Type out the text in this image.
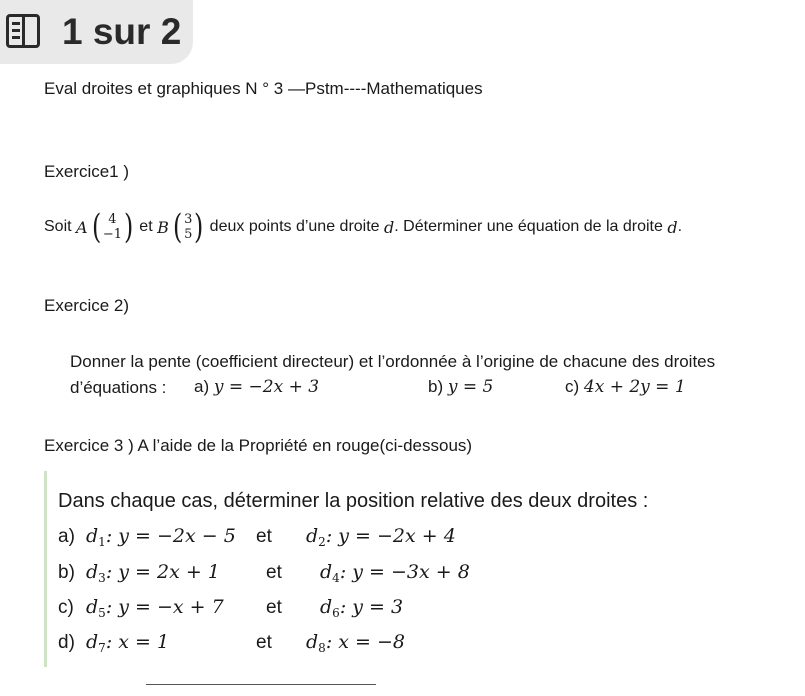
1 sur 2
Eval droites et graphiques N ° 3 —Pstm----Mathematiques
Exercice1 )
Soit
A ( 4
−1 ) et
B ( 3
5 ) deux points d’une droite
d . Déterminer une équation de la droite
d .
Exercice 2)
Donner la pente (coefficient directeur) et l’ordonnée à l’origine de chacune des droites
d’équations : a)
y = −2x + 3	b)
y = 5	c)
4x + 2y = 1
Exercice 3 ) A l’aide de la Propriété en rouge(ci-dessous)
Dans chaque cas, déterminer la position relative des deux droites :
a) $d_1$: y = −2x − 5	et	$d_2$: y = −2x + 4
b) $d_3$: y = 2x + 1	et	$d_4$: y = −3x + 8
c) $d_5$: y = −x + 7	et	$d_6$: y = 3
d) $d_7$: x = 1	et	$d_8$: x = −8
